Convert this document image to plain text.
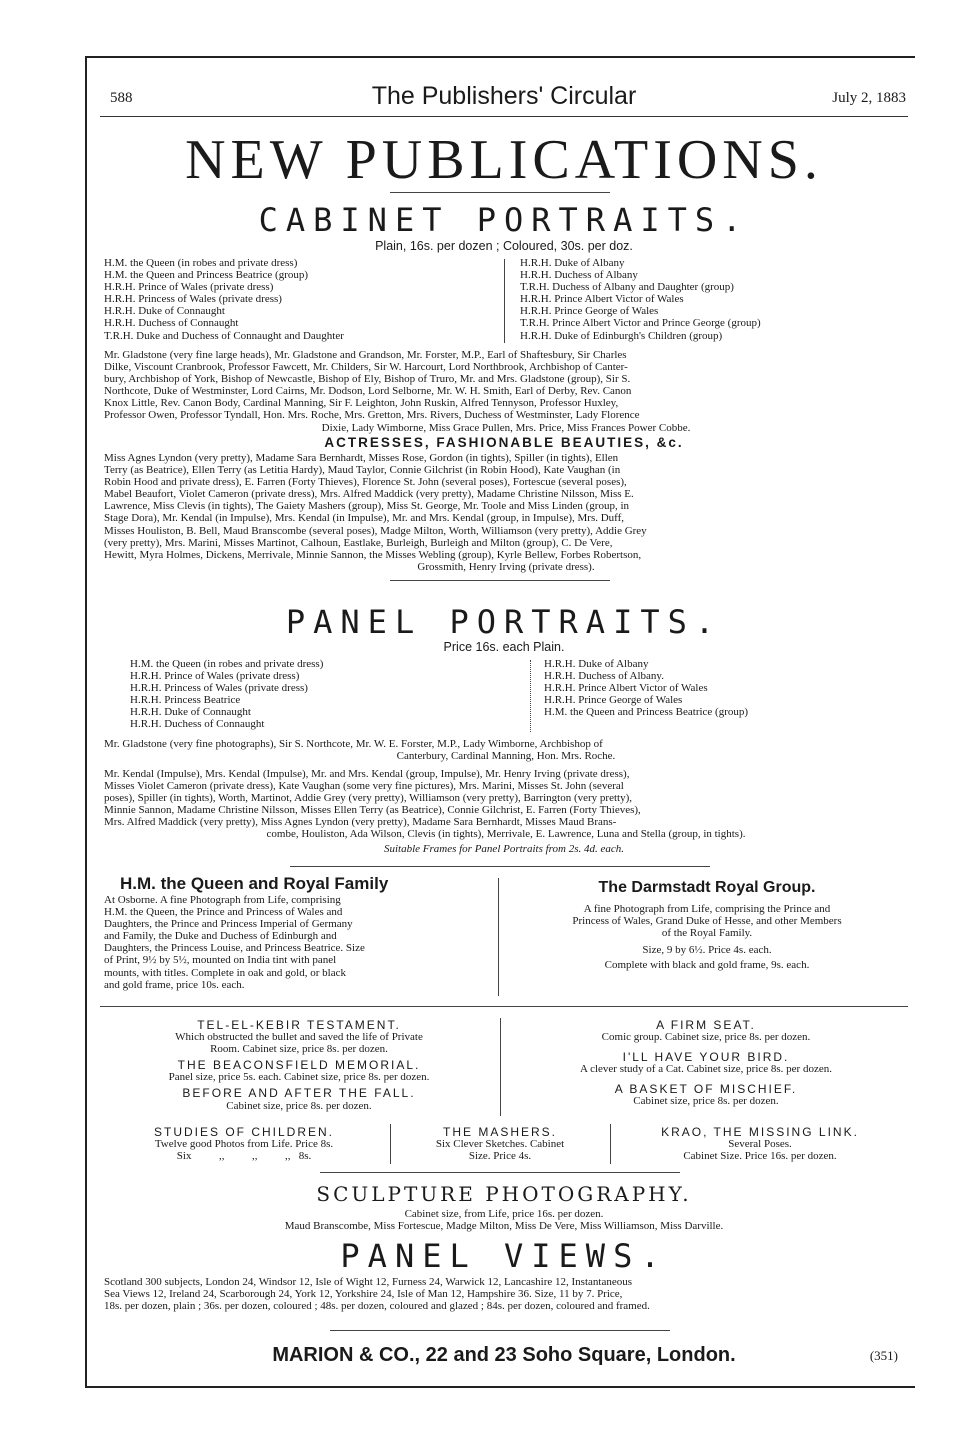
588	The Publishers' Circular	July 2, 1883
NEW PUBLICATIONS.
CABINET PORTRAITS.
Plain, 16s. per dozen ; Coloured, 30s. per doz.
H.M. the Queen (in robes and private dress)
H.M. the Queen and Princess Beatrice (group)
H.R.H. Prince of Wales (private dress)
H.R.H. Princess of Wales (private dress)
H.R.H. Duke of Connaught
H.R.H. Duchess of Connaught
T.R.H. Duke and Duchess of Connaught and Daughter
H.R.H. Duke of Albany
H.R.H. Duchess of Albany
T.R.H. Duchess of Albany and Daughter (group)
H.R.H. Prince Albert Victor of Wales
H.R.H. Prince George of Wales
T.R.H. Prince Albert Victor and Prince George (group)
H.R.H. Duke of Edinburgh's Children (group)
Mr. Gladstone (very fine large heads), Mr. Gladstone and Grandson, Mr. Forster, M.P., Earl of Shaftesbury, Sir Charles
Dilke, Viscount Cranbrook, Professor Fawcett, Mr. Childers, Sir W. Harcourt, Lord Northbrook, Archbishop of Canter-
bury, Archbishop of York, Bishop of Newcastle, Bishop of Ely, Bishop of Truro, Mr. and Mrs. Gladstone (group), Sir S.
Northcote, Duke of Westminster, Lord Cairns, Mr. Dodson, Lord Selborne, Mr. W. H. Smith, Earl of Derby, Rev. Canon
Knox Little, Rev. Canon Body, Cardinal Manning, Sir F. Leighton, John Ruskin, Alfred Tennyson, Professor Huxley,
Professor Owen, Professor Tyndall, Hon. Mrs. Roche, Mrs. Gretton, Mrs. Rivers, Duchess of Westminster, Lady Florence
Dixie, Lady Wimborne, Miss Grace Pullen, Mrs. Price, Miss Frances Power Cobbe.
ACTRESSES, FASHIONABLE BEAUTIES, &c.
Miss Agnes Lyndon (very pretty), Madame Sara Bernhardt, Misses Rose, Gordon (in tights), Spiller (in tights), Ellen
Terry (as Beatrice), Ellen Terry (as Letitia Hardy), Maud Taylor, Connie Gilchrist (in Robin Hood), Kate Vaughan (in
Robin Hood and private dress), E. Farren (Forty Thieves), Florence St. John (several poses), Fortescue (several poses),
Mabel Beaufort, Violet Cameron (private dress), Mrs. Alfred Maddick (very pretty), Madame Christine Nilsson, Miss E.
Lawrence, Miss Clevis (in tights), The Gaiety Mashers (group), Miss St. George, Mr. Toole and Miss Linden (group, in
Stage Dora), Mr. Kendal (in Impulse), Mrs. Kendal (in Impulse), Mr. and Mrs. Kendal (group, in Impulse), Mrs. Duff,
Misses Houliston, B. Bell, Maud Branscombe (several poses), Madge Milton, Worth, Williamson (very pretty), Addie Grey
(very pretty), Mrs. Marini, Misses Martinot, Calhoun, Eastlake, Burleigh, Burleigh and Milton (group), C. De Vere,
Hewitt, Myra Holmes, Dickens, Merrivale, Minnie Sannon, the Misses Webling (group), Kyrle Bellew, Forbes Robertson,
Grossmith, Henry Irving (private dress).
PANEL PORTRAITS.
Price 16s. each Plain.
H.M. the Queen (in robes and private dress)
H.R.H. Prince of Wales (private dress)
H.R.H. Princess of Wales (private dress)
H.R.H. Princess Beatrice
H.R.H. Duke of Connaught
H.R.H. Duchess of Connaught
H.R.H. Duke of Albany
H.R.H. Duchess of Albany.
H.R.H. Prince Albert Victor of Wales
H.R.H. Prince George of Wales
H.M. the Queen and Princess Beatrice (group)
Mr. Gladstone (very fine photographs), Sir S. Northcote, Mr. W. E. Forster, M.P., Lady Wimborne, Archbishop of
Canterbury, Cardinal Manning, Hon. Mrs. Roche.
Mr. Kendal (Impulse), Mrs. Kendal (Impulse), Mr. and Mrs. Kendal (group, Impulse), Mr. Henry Irving (private dress),
Misses Violet Cameron (private dress), Kate Vaughan (some very fine pictures), Mrs. Marini, Misses St. John (several
poses), Spiller (in tights), Worth, Martinot, Addie Grey (very pretty), Williamson (very pretty), Barrington (very pretty),
Minnie Sannon, Madame Christine Nilsson, Misses Ellen Terry (as Beatrice), Connie Gilchrist, E. Farren (Forty Thieves),
Mrs. Alfred Maddick (very pretty), Miss Agnes Lyndon (very pretty), Madame Sara Bernhardt, Misses Maud Brans-
combe, Houliston, Ada Wilson, Clevis (in tights), Merrivale, E. Lawrence, Luna and Stella (group, in tights).
Suitable Frames for Panel Portraits from 2s. 4d. each.
H.M. the Queen and Royal Family
At Osborne. A fine Photograph from Life, comprising
H.M. the Queen, the Prince and Princess of Wales and
Daughters, the Prince and Princess Imperial of Germany
and Family, the Duke and Duchess of Edinburgh and
Daughters, the Princess Louise, and Princess Beatrice. Size
of Print, 9½ by 5½, mounted on India tint with panel
mounts, with titles. Complete in oak and gold, or black
and gold frame, price 10s. each.
The Darmstadt Royal Group.
A fine Photograph from Life, comprising the Prince and
Princess of Wales, Grand Duke of Hesse, and other Members
of the Royal Family.
Size, 9 by 6½. Price 4s. each.
Complete with black and gold frame, 9s. each.
TEL-EL-KEBIR TESTAMENT.
Which obstructed the bullet and saved the life of Private
Room. Cabinet size, price 8s. per dozen.
THE BEACONSFIELD MEMORIAL.
Panel size, price 5s. each. Cabinet size, price 8s. per dozen.
BEFORE AND AFTER THE FALL.
Cabinet size, price 8s. per dozen.
A FIRM SEAT.
Comic group. Cabinet size, price 8s. per dozen.
I'LL HAVE YOUR BIRD.
A clever study of a Cat. Cabinet size, price 8s. per dozen.
A BASKET OF MISCHIEF.
Cabinet size, price 8s. per dozen.
STUDIES OF CHILDREN.
Twelve good Photos from Life. Price 8s.
Six          ,,          ,,          ,,   8s.
THE MASHERS.
Six Clever Sketches. Cabinet
Size. Price 4s.
KRAO, THE MISSING LINK.
Several Poses.
Cabinet Size. Price 16s. per dozen.
SCULPTURE PHOTOGRAPHY.
Cabinet size, from Life, price 16s. per dozen.
Maud Branscombe, Miss Fortescue, Madge Milton, Miss De Vere, Miss Williamson, Miss Darville.
PANEL VIEWS.
Scotland 300 subjects, London 24, Windsor 12, Isle of Wight 12, Furness 24, Warwick 12, Lancashire 12, Instantaneous
Sea Views 12, Ireland 24, Scarborough 24, York 12, Yorkshire 24, Isle of Man 12, Hampshire 36. Size, 11 by 7. Price,
18s. per dozen, plain ; 36s. per dozen, coloured ; 48s. per dozen, coloured and glazed ; 84s. per dozen, coloured and framed.
MARION & CO., 22 and 23 Soho Square, London.	(351)
